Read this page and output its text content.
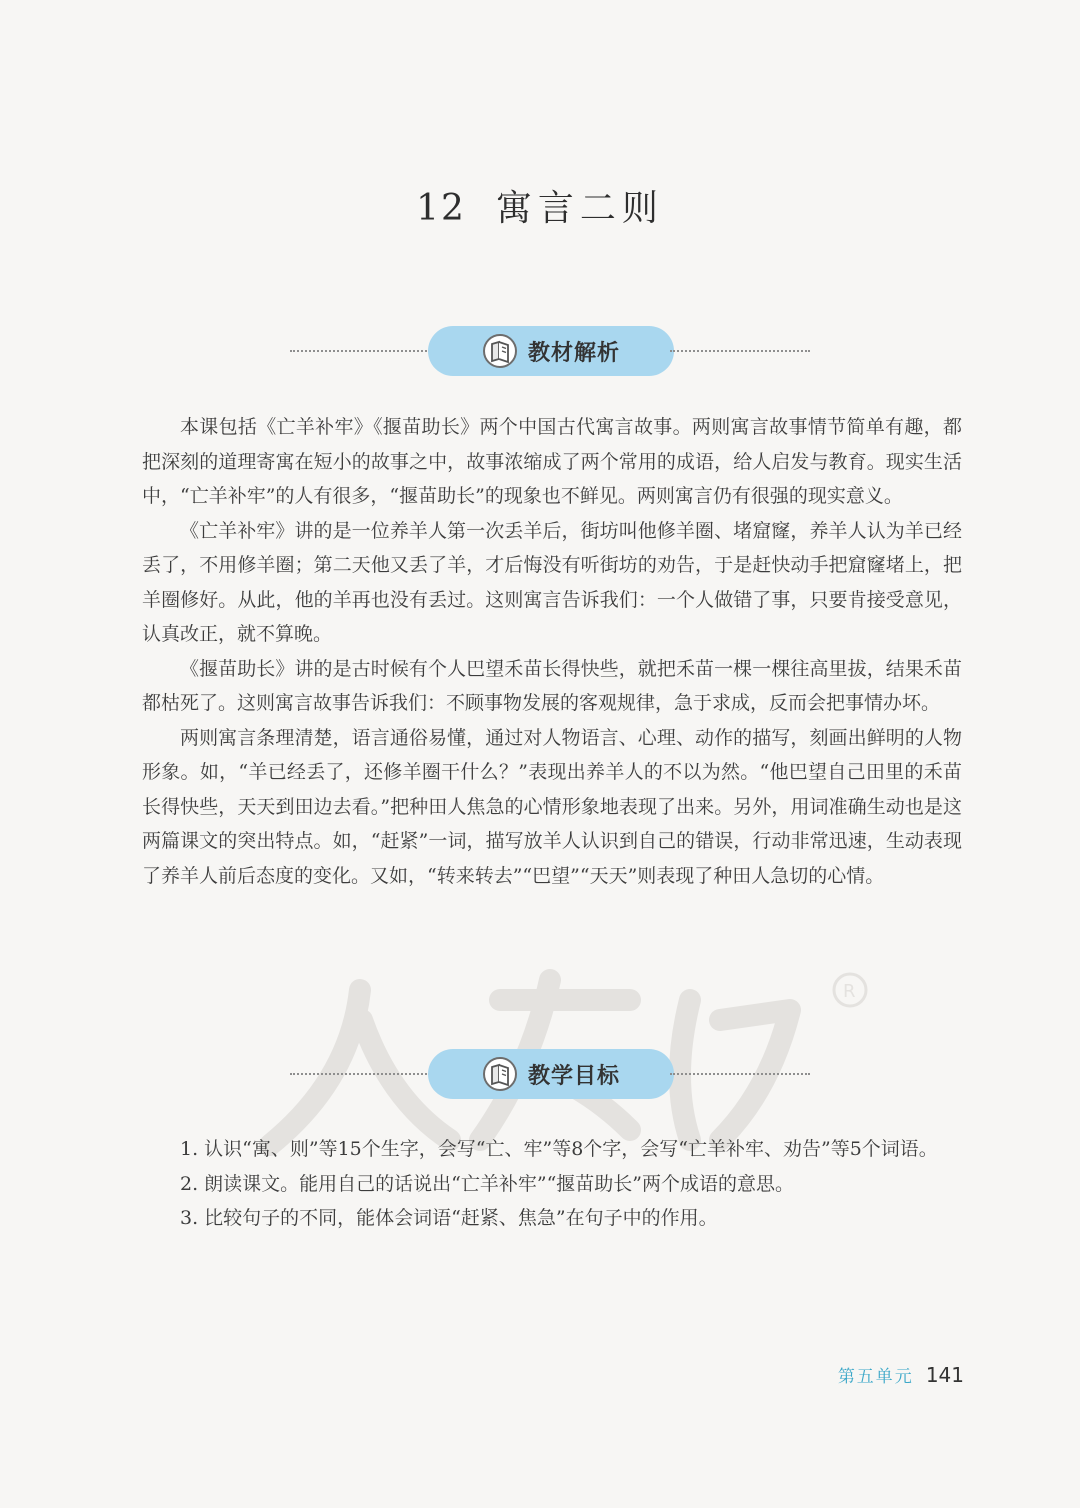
12 寓言二则
R
教材解析

本课包括《亡羊补牢》《揠苗助长》两个中国古代寓言故事。两则寓言故事情节简单有趣，都把深刻的道理寄寓在短小的故事之中，故事浓缩成了两个常用的成语，给人启发与教育。现实生活中，“亡羊补牢”的人有很多，“揠苗助长”的现象也不鲜见。两则寓言仍有很强的现实意义。

《亡羊补牢》讲的是一位养羊人第一次丢羊后，街坊叫他修羊圈、堵窟窿，养羊人认为羊已经丢了，不用修羊圈；第二天他又丢了羊，才后悔没有听街坊的劝告，于是赶快动手把窟窿堵上，把羊圈修好。从此，他的羊再也没有丢过。这则寓言告诉我们：一个人做错了事，只要肯接受意见，认真改正，就不算晚。

《揠苗助长》讲的是古时候有个人巴望禾苗长得快些，就把禾苗一棵一棵往高里拔，结果禾苗都枯死了。这则寓言故事告诉我们：不顾事物发展的客观规律，急于求成，反而会把事情办坏。

两则寓言条理清楚，语言通俗易懂，通过对人物语言、心理、动作的描写，刻画出鲜明的人物形象。如，“羊已经丢了，还修羊圈干什么？”表现出养羊人的不以为然。“他巴望自己田里的禾苗长得快些，天天到田边去看。”把种田人焦急的心情形象地表现了出来。另外，用词准确生动也是这两篇课文的突出特点。如，“赶紧”一词，描写放羊人认识到自己的错误，行动非常迅速，生动表现了养羊人前后态度的变化。又如，“转来转去”“巴望”“天天”则表现了种田人急切的心情。

教学目标

1. 认识“寓、则”等15个生字，会写“亡、牢”等8个字，会写“亡羊补牢、劝告”等5个词语。

2. 朗读课文。能用自己的话说出“亡羊补牢”“揠苗助长”两个成语的意思。

3. 比较句子的不同，能体会词语“赶紧、焦急”在句子中的作用。

第五单元 141
